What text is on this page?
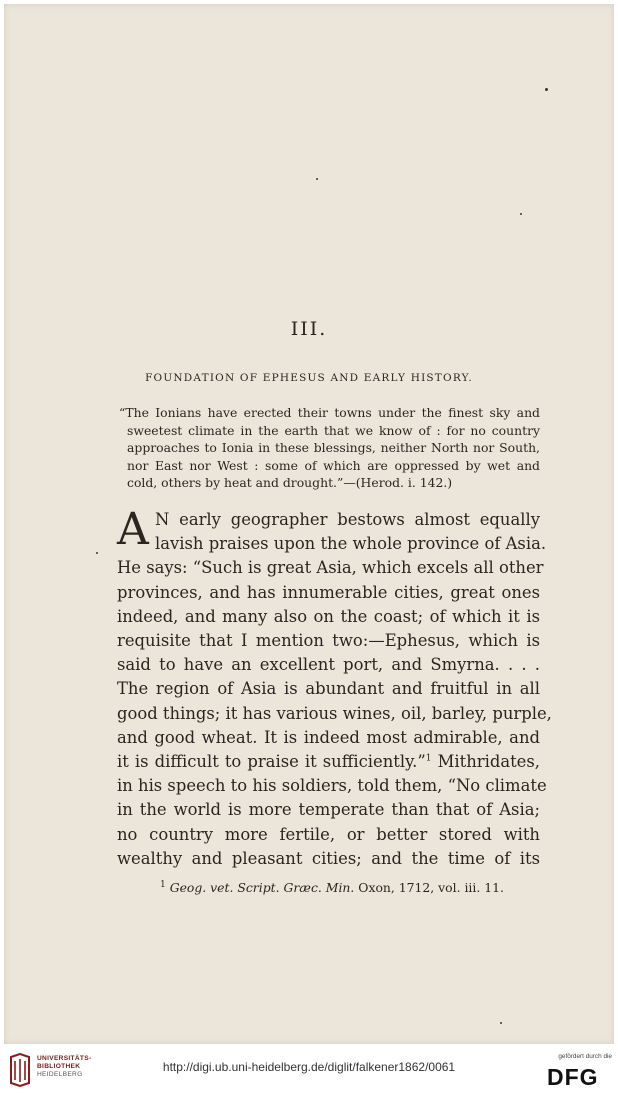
III.
FOUNDATION OF EPHESUS AND EARLY HISTORY.
“The Ionians have erected their towns under the finest sky and
sweetest climate in the earth that we know of : for no country
approaches to Ionia in these blessings, neither North nor South,
nor East nor West : some of which are oppressed by wet and
cold, others by heat and drought.”—(Herod. i. 142.)
A N early geographer bestows almost equally
lavish praises upon the whole province of Asia.
He says: “Such is great Asia, which excels all other
provinces, and has innumerable cities, great ones
indeed, and many also on the coast; of which it is
requisite that I mention two:—Ephesus, which is
said to have an excellent port, and Smyrna. . . .
The region of Asia is abundant and fruitful in all
good things; it has various wines, oil, barley, purple,
and good wheat. It is indeed most admirable, and
it is difficult to praise it sufficiently.”$^1$ Mithridates,
in his speech to his soldiers, told them, “No climate
in the world is more temperate than that of Asia;
no country more fertile, or better stored with
wealthy and pleasant cities; and the time of its
$^1$ Geog. vet. Script. Græc. Min. Oxon, 1712, vol. iii. 11.
UNIVERSITÄTS-
BIBLIOTHEK
HEIDELBERG
http://digi.ub.uni-heidelberg.de/diglit/falkener1862/0061
gefördert durch die
DFG
